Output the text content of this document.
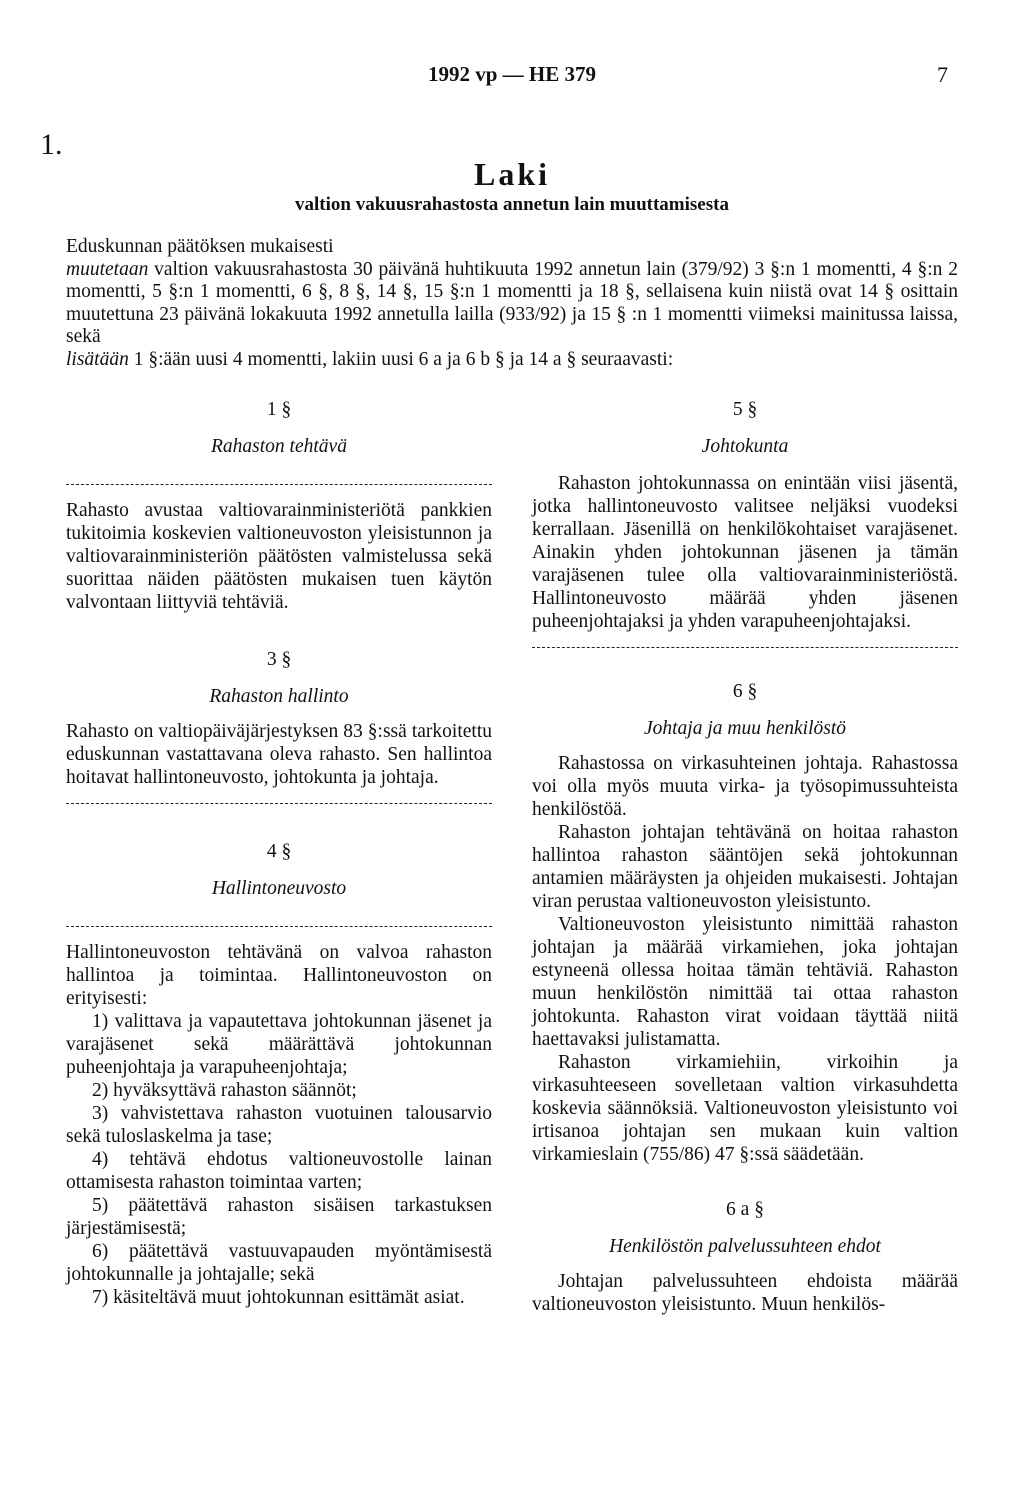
1992 vp — HE 379	7
1.
Laki
valtion vakuusrahastosta annetun lain muuttamisesta

Eduskunnan päätöksen mukaisesti

muutetaan valtion vakuusrahastosta 30 päivänä huhtikuuta 1992 annetun lain (379/92) 3 §:n 1 momentti, 4 §:n 2 momentti, 5 §:n 1 momentti, 6 §, 8 §, 14 §, 15 §:n 1 momentti ja 18 §, sellaisena kuin niistä ovat 14 § osittain muutettuna 23 päivänä lokakuuta 1992 annetulla lailla (933/92) ja 15 § :n 1 momentti viimeksi mainitussa laissa, sekä

lisätään 1 §:ään uusi 4 momentti, lakiin uusi 6 a ja 6 b § ja 14 a § seuraavasti:

1 §

Rahaston tehtävä

Rahasto avustaa valtiovarainministeriötä pankkien tukitoimia koskevien valtioneuvoston yleisistunnon ja valtiovarainministeriön päätösten valmistelussa sekä suorittaa näiden päätösten mukaisen tuen käytön valvontaan liittyviä tehtäviä.

3 §

Rahaston hallinto

Rahasto on valtiopäiväjärjestyksen 83 §:ssä tarkoitettu eduskunnan vastattavana oleva rahasto. Sen hallintoa hoitavat hallintoneuvosto, johtokunta ja johtaja.

4 §

Hallintoneuvosto

Hallintoneuvoston tehtävänä on valvoa rahaston hallintoa ja toimintaa. Hallintoneuvoston on erityisesti:

1) valittava ja vapautettava johtokunnan jäsenet ja varajäsenet sekä määrättävä johtokunnan puheenjohtaja ja varapuheenjohtaja;

2) hyväksyttävä rahaston säännöt;

3) vahvistettava rahaston vuotuinen talousarvio sekä tuloslaskelma ja tase;

4) tehtävä ehdotus valtioneuvostolle lainan ottamisesta rahaston toimintaa varten;

5) päätettävä rahaston sisäisen tarkastuksen järjestämisestä;

6) päätettävä vastuuvapauden myöntämisestä johtokunnalle ja johtajalle; sekä

7) käsiteltävä muut johtokunnan esittämät asiat.

5 §

Johtokunta

Rahaston johtokunnassa on enintään viisi jäsentä, jotka hallintoneuvosto valitsee neljäksi vuodeksi kerrallaan. Jäsenillä on henkilökohtaiset varajäsenet. Ainakin yhden johtokunnan jäsenen ja tämän varajäsenen tulee olla valtiovarainministeriöstä. Hallintoneuvosto määrää yhden jäsenen puheenjohtajaksi ja yhden varapuheenjohtajaksi.

6 §

Johtaja ja muu henkilöstö

Rahastossa on virkasuhteinen johtaja. Rahastossa voi olla myös muuta virka- ja työsopimussuhteista henkilöstöä.

Rahaston johtajan tehtävänä on hoitaa rahaston hallintoa rahaston sääntöjen sekä johtokunnan antamien määräysten ja ohjeiden mukaisesti. Johtajan viran perustaa valtioneuvoston yleisistunto.

Valtioneuvoston yleisistunto nimittää rahaston johtajan ja määrää virkamiehen, joka johtajan estyneenä ollessa hoitaa tämän tehtäviä. Rahaston muun henkilöstön nimittää tai ottaa rahaston johtokunta. Rahaston virat voidaan täyttää niitä haettavaksi julistamatta.

Rahaston virkamiehiin, virkoihin ja virkasuhteeseen sovelletaan valtion virkasuhdetta koskevia säännöksiä. Valtioneuvoston yleisistunto voi irtisanoa johtajan sen mukaan kuin valtion virkamieslain (755/86) 47 §:ssä säädetään.

6 a §

Henkilöstön palvelussuhteen ehdot

Johtajan palvelussuhteen ehdoista määrää valtioneuvoston yleisistunto. Muun henkilös-
